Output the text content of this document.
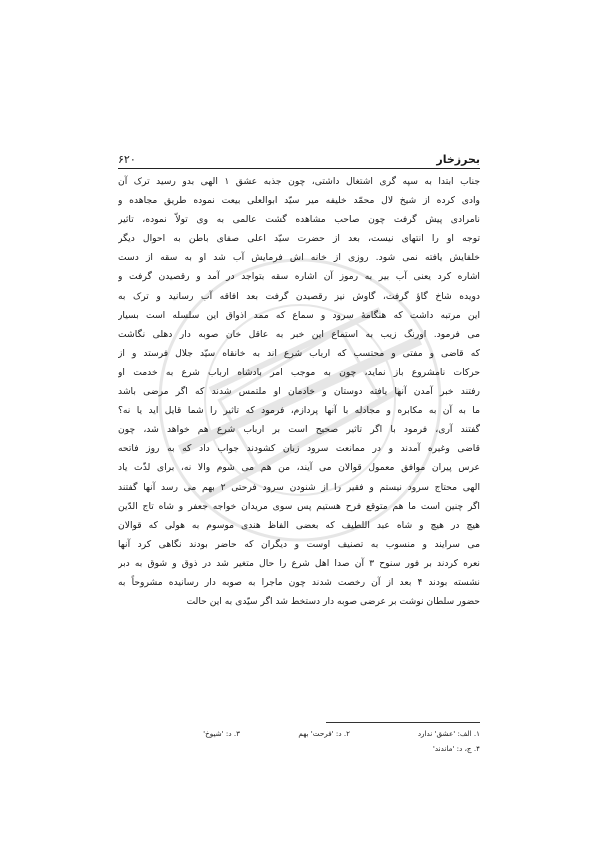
بحرزخار
۶۲۰
جناب ابتدا به سپه گری اشتغال داشتی، چون جذبه عشق ۱ الهی بدو رسید ترک آن
وادی کرده از شیخ لال محمّد خلیفه میر سیّد ابوالعلی بیعت نموده طریق مجاهده و
نامرادی پیش گرفت چون صاحب مشاهده گشت عالمی به وی تولاّ نموده، تاثیر
توجه او را انتهای نیست، بعد از حضرت سیّد اعلی صفای باطن به احوال دیگر
خلفایش یافته نمی شود. روزی از خانه اش فرمایش آب شد او به سقه از دست
اشاره کرد یعنی آب بیر به رموز آن اشاره سقه بتواجد در آمد و رقصیدن گرفت و
دویده شاخ گاؤ گرفت، گاوش نیز رقصیدن گرفت بعد افاقه آب رسانید و ترک به
این مرتبه داشت که هنگامهٔ سرود و سماع که ممد اذواق این سلسله است بسیار
می فرمود. اورنگ زیب به استماع این خبر به عاقل خان صوبه دار دهلی نگاشت
که قاضی و مفتی و محتسب که ارباب شرع اند به خانقاه سیّد جلال فرستد و از
حرکات نامشروع باز نماید، چون به موجب امر بادشاه ارباب شرع به خدمت او
رفتند خبر آمدن آنها یافته دوستان و خادمان او ملتمس شدند که اگر مرضی باشد
ما به آن به مکابره و مجادله با آنها پردازم، فرمود که تاثیر را شما قایل اید یا نه؟
گفتند آری، فرمود با اگر تاثیر صحیح است بر ارباب شرع هم خواهد شد، چون
قاضی وغیره آمدند و در ممانعت سرود زبان کشودند جواب داد که به روز فاتحه
عرس پیران موافق معمول قوالان می آیند، من هم می شوم والا نه، برای لذّت یاد
الهی محتاج سرود نیستم و فقیر را از شنودن سرود فرحتی ۲ بهم می رسد آنها گفتند
اگر چنین است ما هم متوقع فرح هستیم پس سوی مریدان خواجه جعفر و شاه تاج الدّین
هیچ در هیچ و شاه عبد اللطیف که بعضی الفاظ هندی موسوم به هولی که قوالان
می سرایند و منسوب به تصنیف اوست و دیگران که حاضر بودند نگاهی کرد آنها
نعره کردند بر فور سنوح ۳ آن صدا اهل شرع را حال متغیر شد در ذوق و شوق به دبر
نشسته بودند ۴ بعد از آن رخصت شدند چون ماجرا به صوبه دار رسانیده مشروحاً به
حضور سلطان نوشت بر عرضی صوبه دار دستخط شد اگر سیّدی به این حالت
۱. الف: 'عشق' ندارد
۲. د: 'فرحت' بهم
۳. د: 'شیوخ'
۴. ج، د: 'ماندند'
